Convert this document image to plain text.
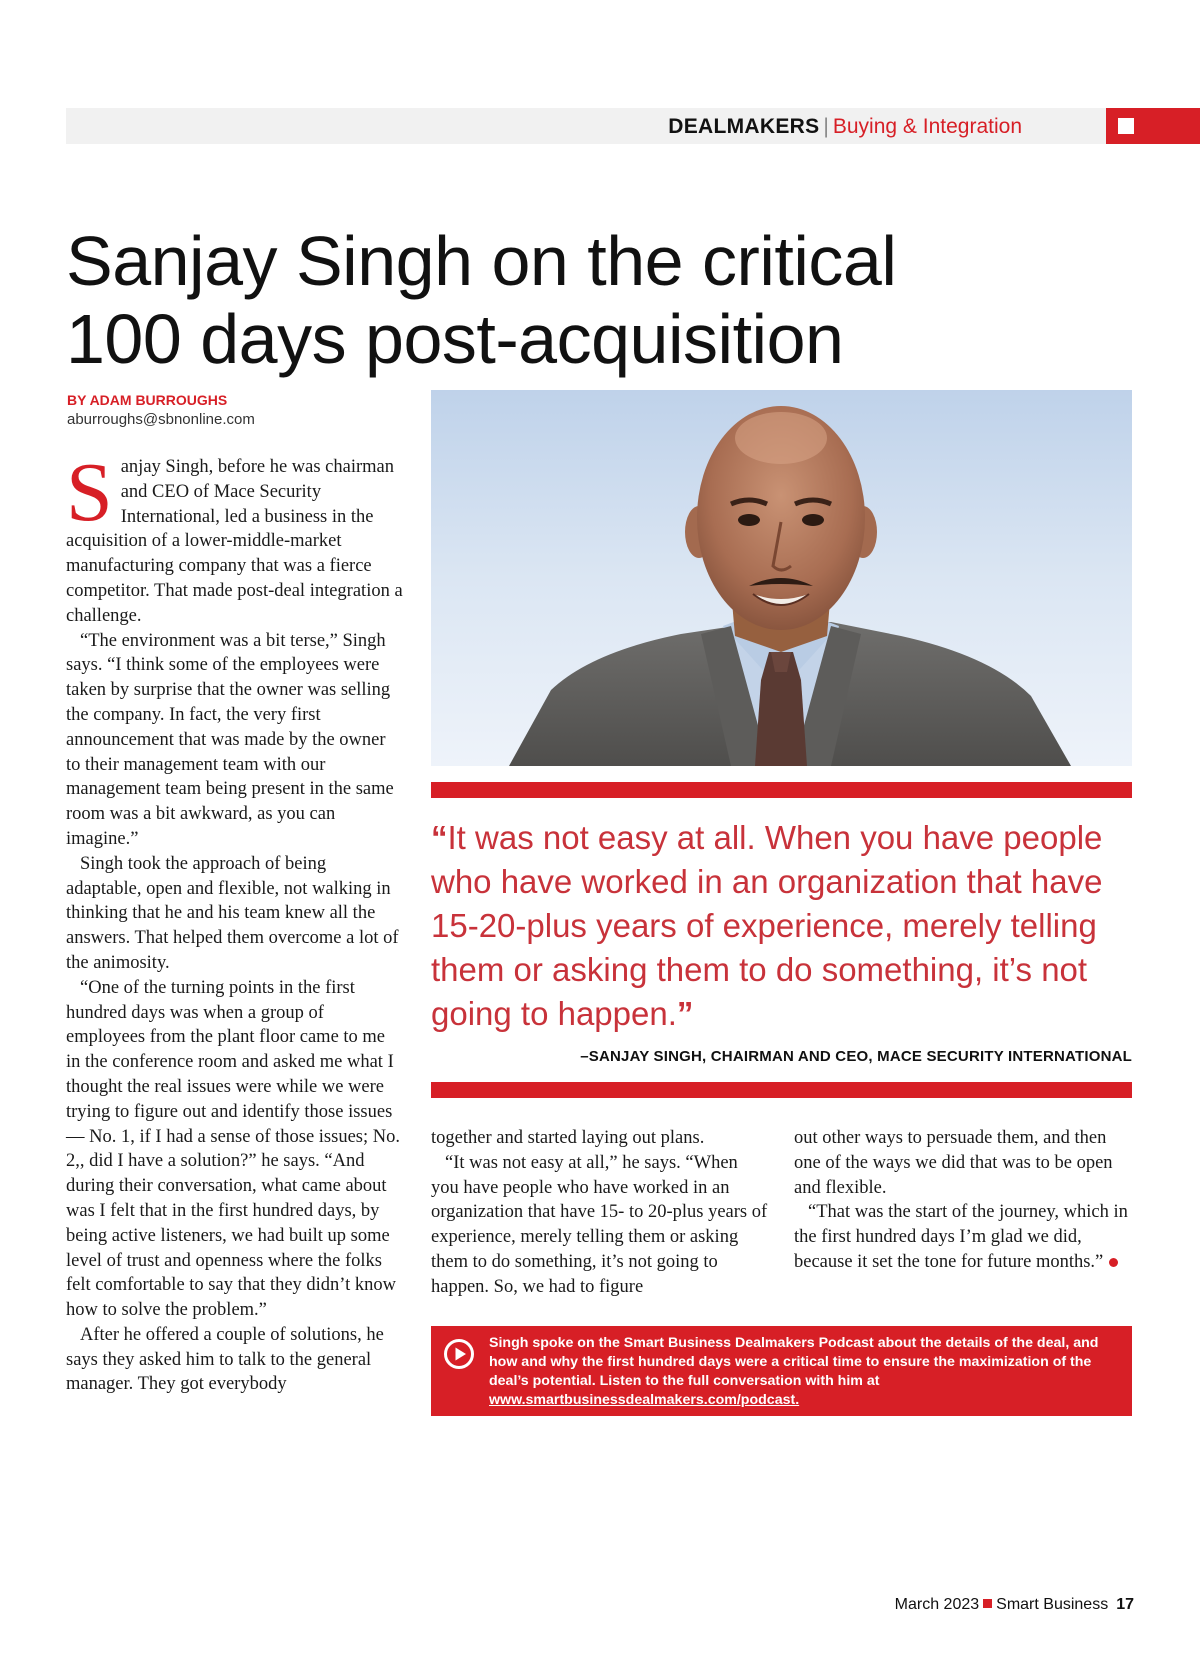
DEALMAKERS | Buying & Integration
Sanjay Singh on the critical
100 days post-acquisition
BY ADAM BURROUGHS
aburroughs@sbnonline.com

Sanjay Singh, before he was chairman and CEO of Mace Security International, led a business in the acquisition of a lower-middle-market manufacturing company that was a fierce competitor. That made post-deal integration a challenge.

“The environment was a bit terse,” Singh says. “I think some of the employees were taken by surprise that the owner was selling the company. In fact, the very first announcement that was made by the owner to their management team with our management team being present in the same room was a bit awkward, as you can imagine.”

Singh took the approach of being adaptable, open and flexible, not walking in thinking that he and his team knew all the answers. That helped them overcome a lot of the animosity.

“One of the turning points in the first hundred days was when a group of employees from the plant floor came to me in the conference room and asked me what I thought the real issues were while we were trying to figure out and identify those issues — No. 1, if I had a sense of those issues; No. 2,, did I have a solution?” he says. “And during their conversation, what came about was I felt that in the first hundred days, by being active listeners, we had built up some level of trust and openness where the folks felt comfortable to say that they didn’t know how to solve the problem.”

After he offered a couple of solutions, he says they asked him to talk to the general manager. They got everybody

“It was not easy at all. When you have people who have worked in an organization that have 15-20-plus years of experience, merely telling them or asking them to do something, it’s not going to happen.”
–SANJAY SINGH, CHAIRMAN AND CEO, MACE SECURITY INTERNATIONAL

together and started laying out plans.

“It was not easy at all,” he says. “When you have people who have worked in an organization that have 15- to 20-plus years of experience, merely telling them or asking them to do something, it’s not going to happen. So, we had to figure

out other ways to persuade them, and then one of the ways we did that was to be open and flexible.

“That was the start of the journey, which in the first hundred days I’m glad we did, because it set the tone for future months.”

Singh spoke on the Smart Business Dealmakers Podcast about the details of the deal, and how and why the first hundred days were a critical time to ensure the maximization of the deal’s potential. Listen to the full conversation with him at www.smartbusinessdealmakers.com/podcast.
March 2023 Smart Business 17
